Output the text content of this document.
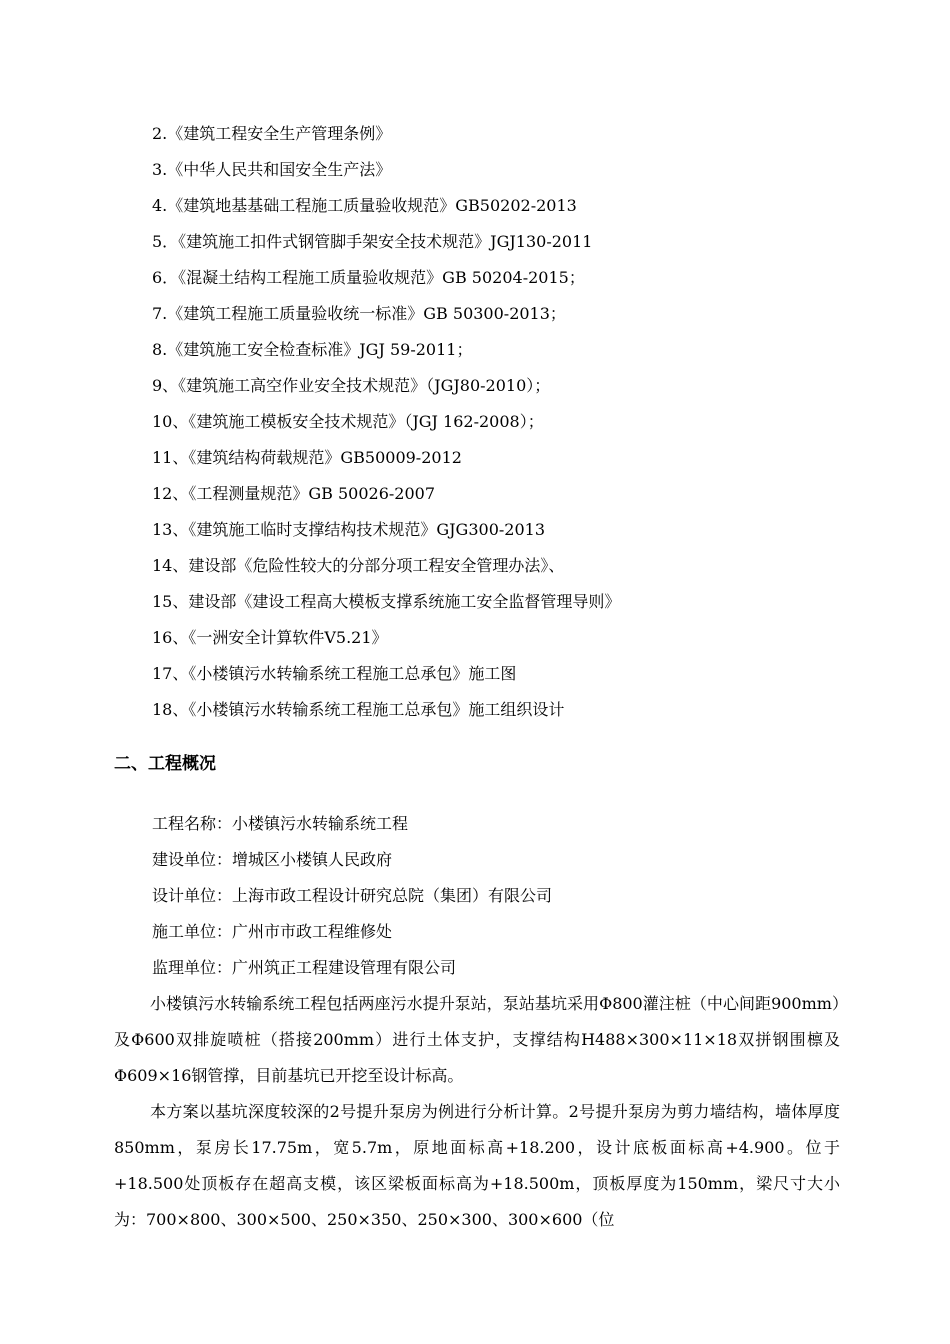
2.《建筑工程安全生产管理条例》
3.《中华人民共和国安全生产法》
4.《建筑地基基础工程施工质量验收规范》GB50202-2013
5．《建筑施工扣件式钢管脚手架安全技术规范》JGJ130-2011
6．《混凝土结构工程施工质量验收规范》GB 50204-2015；
7.《建筑工程施工质量验收统一标准》GB 50300-2013；
8.《建筑施工安全检查标准》JGJ 59-2011；
9、《建筑施工高空作业安全技术规范》（JGJ80-2010）；
10、《建筑施工模板安全技术规范》（JGJ 162-2008）；
11、《建筑结构荷载规范》GB50009-2012
12、《工程测量规范》GB 50026-2007
13、《建筑施工临时支撑结构技术规范》GJG300-2013
14、建设部《危险性较大的分部分项工程安全管理办法》、
15、建设部《建设工程高大模板支撑系统施工安全监督管理导则》
16、《一洲安全计算软件V5.21》
17、《小楼镇污水转输系统工程施工总承包》施工图
18、《小楼镇污水转输系统工程施工总承包》施工组织设计
二、工程概况
工程名称：小楼镇污水转输系统工程
建设单位：增城区小楼镇人民政府
设计单位：上海市政工程设计研究总院（集团）有限公司
施工单位：广州市市政工程维修处
监理单位：广州筑正工程建设管理有限公司

小楼镇污水转输系统工程包括两座污水提升泵站，泵站基坑采用Φ800灌注桩（中心间距900mm）及Φ600双排旋喷桩（搭接200mm）进行土体支护，支撑结构H488×300×11×18双拼钢围檩及Φ609×16钢管撑，目前基坑已开挖至设计标高。

本方案以基坑深度较深的2号提升泵房为例进行分析计算。2号提升泵房为剪力墙结构，墙体厚度850mm，泵房长17.75m，宽5.7m，原地面标高+18.200，设计底板面标高+4.900。位于+18.500处顶板存在超高支模，该区梁板面标高为+18.500m，顶板厚度为150mm，梁尺寸大小为：700×800、300×500、250×350、250×300、300×600（位
